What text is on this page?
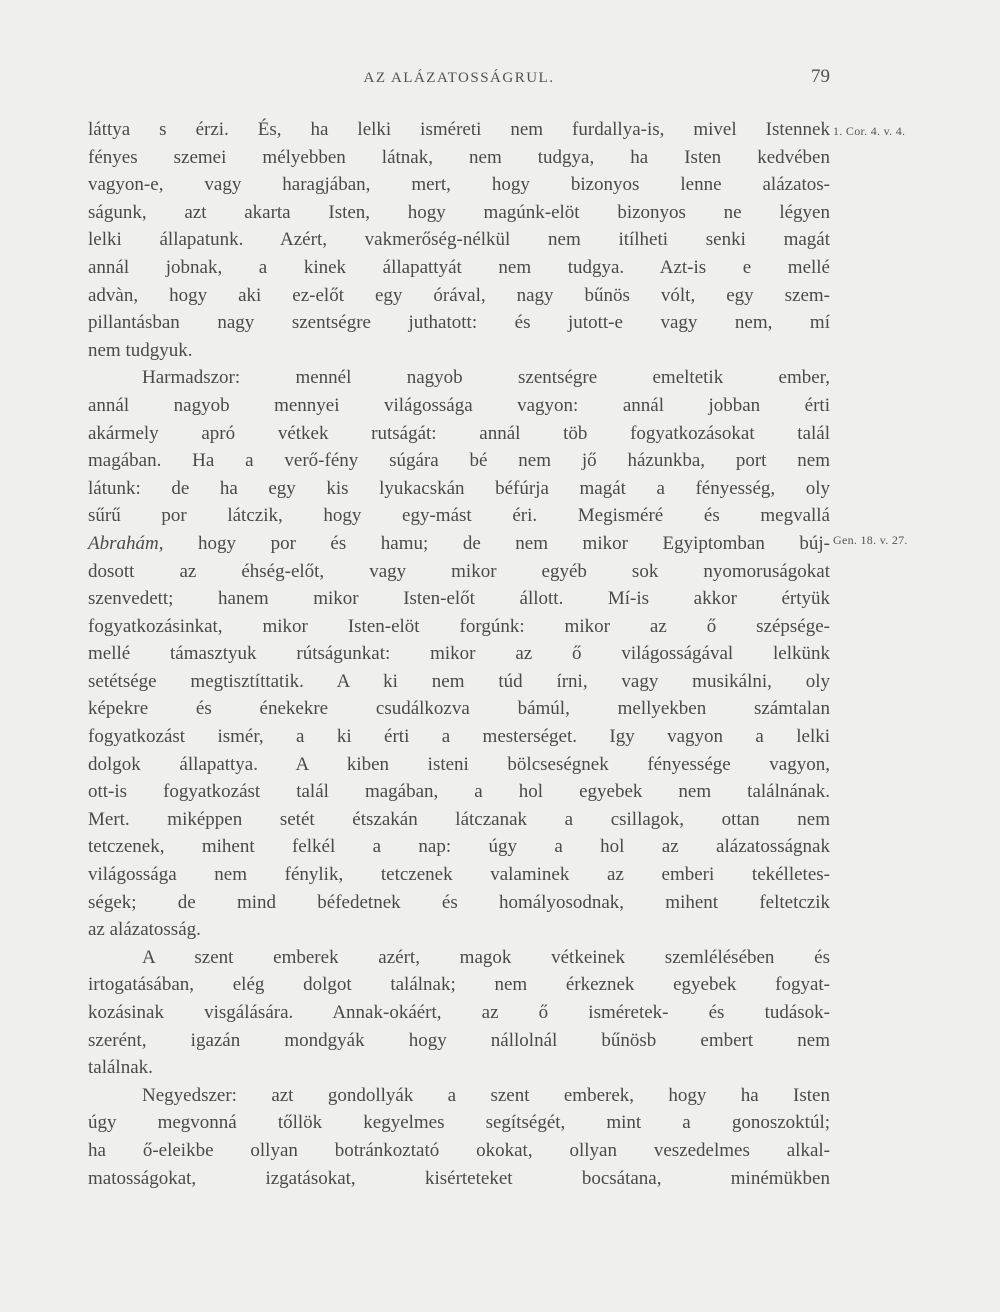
AZ ALÁZATOSSÁGRUL.	79
1. Cor. 4. v. 4.
Gen. 18. v. 27.
láttya s érzi. És, ha lelki isméreti nem furdallya-is, mivel Istennek
fényes szemei mélyebben látnak, nem tudgya, ha Isten kedvében
vagyon-e, vagy haragjában, mert, hogy bizonyos lenne alázatos-
ságunk, azt akarta Isten, hogy magúnk-elöt bizonyos ne légyen
lelki állapatunk. Azért, vakmerőség-nélkül nem itílheti senki magát
annál jobnak, a kinek állapattyát nem tudgya. Azt-is e mellé
advàn, hogy aki ez-előt egy órával, nagy bűnös vólt, egy szem-
pillantásban nagy szentségre juthatott: és jutott-e vagy nem, mí
nem tudgyuk.
Harmadszor: mennél nagyob szentségre emeltetik ember,
annál nagyob mennyei világossága vagyon: annál jobban érti
akármely apró vétkek rutságát: annál töb fogyatkozásokat talál
magában. Ha a verő-fény súgára bé nem jő házunkba, port nem
látunk: de ha egy kis lyukacskán béfúrja magát a fényesség, oly
sűrű por látczik, hogy egy-mást éri. Megisméré és megvallá
Abrahám, hogy por és hamu; de nem mikor Egyiptomban búj-
dosott az éhség-előt, vagy mikor egyéb sok nyomoruságokat
szenvedett; hanem mikor Isten-előt állott. Mí-is akkor értyük
fogyatkozásinkat, mikor Isten-elöt forgúnk: mikor az ő szépsége-
mellé támasztyuk rútságunkat: mikor az ő világosságával lelkünk
setétsége megtisztíttatik. A ki nem túd írni, vagy musikálni, oly
képekre és énekekre csudálkozva bámúl, mellyekben számtalan
fogyatkozást ismér, a ki érti a mesterséget. Igy vagyon a lelki
dolgok állapattya. A kiben isteni bölcseségnek fényessége vagyon,
ott-is fogyatkozást talál magában, a hol egyebek nem találnának.
Mert. miképpen setét étszakán látczanak a csillagok, ottan nem
tetczenek, mihent felkél a nap: úgy a hol az alázatosságnak
világossága nem fénylik, tetczenek valaminek az emberi tekélletes-
ségek; de mind béfedetnek és homályosodnak, mihent feltetczik
az alázatosság.
A szent emberek azért, magok vétkeinek szemlélésében és
irtogatásában, elég dolgot találnak; nem érkeznek egyebek fogyat-
kozásinak visgálására. Annak-okáért, az ő isméretek- és tudások-
szerént, igazán mondgyák hogy nállolnál bűnösb embert nem
találnak.
Negyedszer: azt gondollyák a szent emberek, hogy ha Isten
úgy megvonná tőllök kegyelmes segítségét, mint a gonoszoktúl;
ha ő-eleikbe ollyan botránkoztató okokat, ollyan veszedelmes alkal-
matosságokat, izgatásokat, kisérteteket bocsátana, minémükben
